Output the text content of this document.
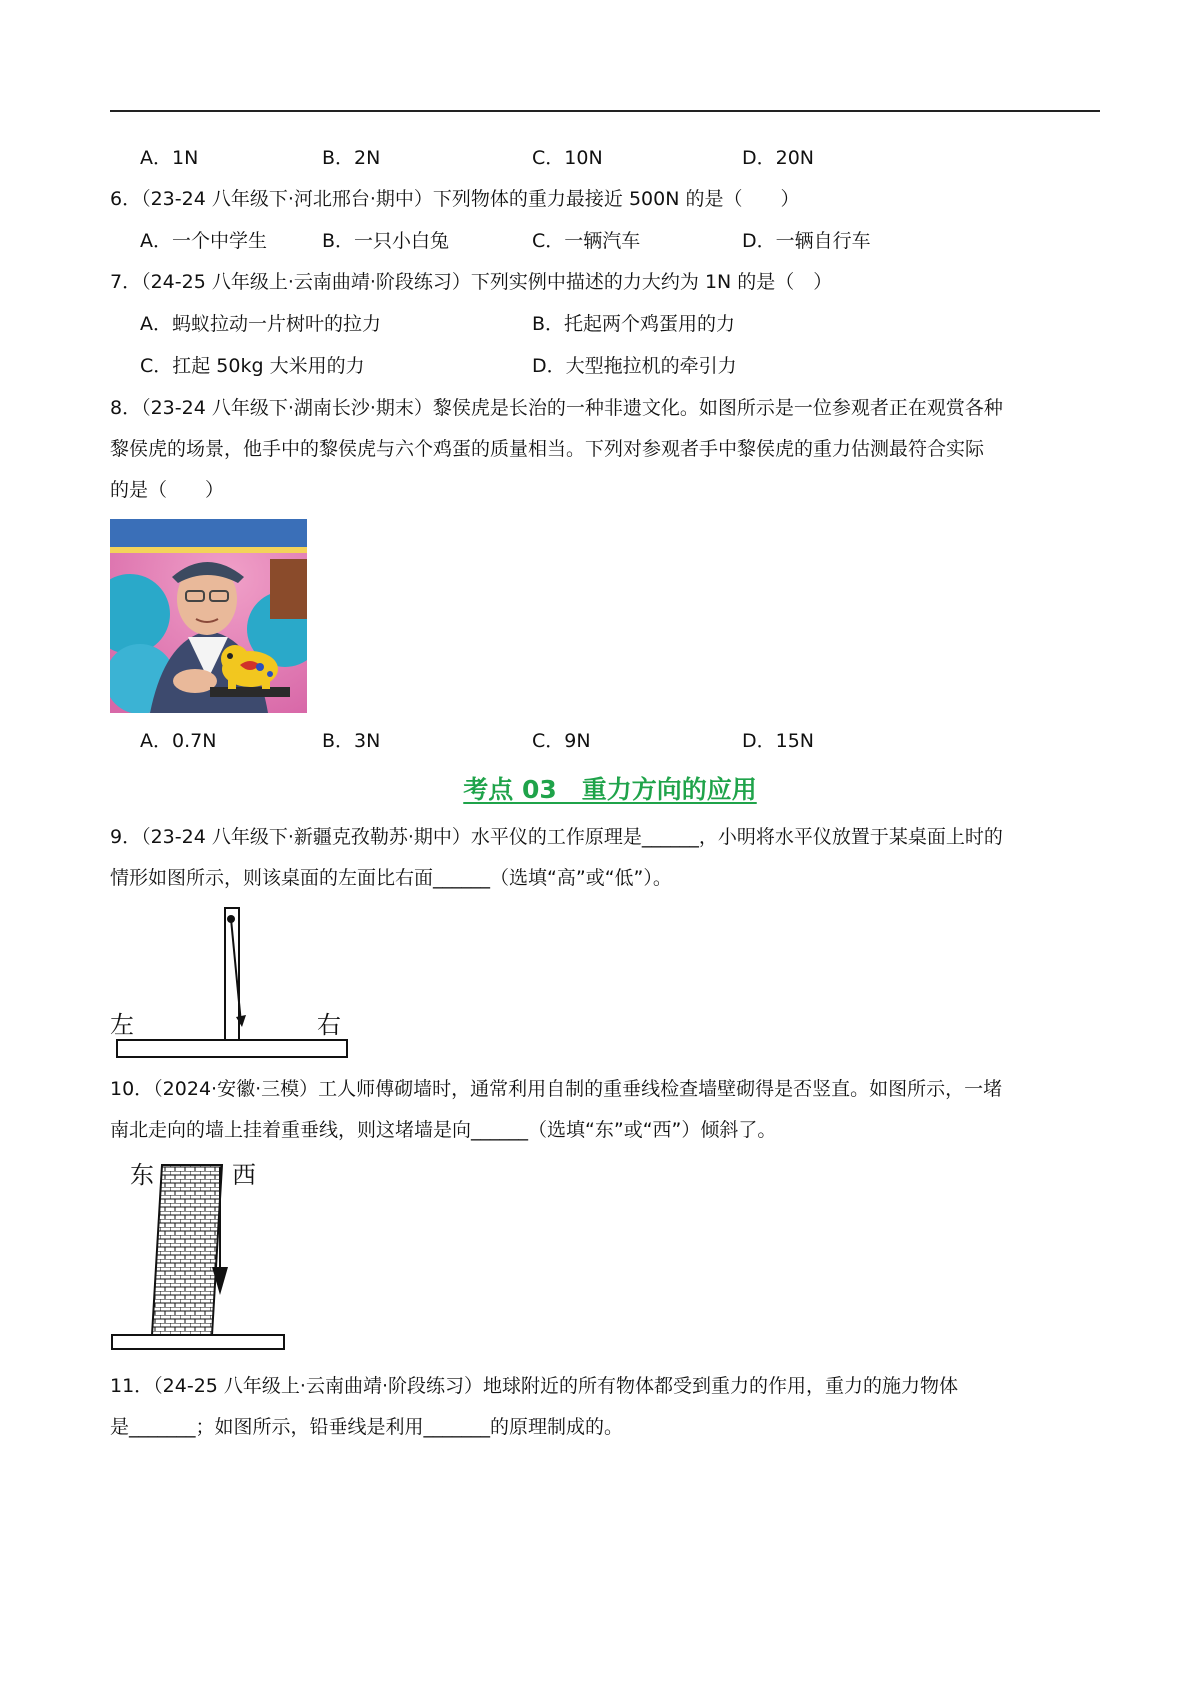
A．1N	B．2N	C．10N	D．20N
6．（23-24 八年级下·河北邢台·期中）下列物体的重力最接近 500N 的是（　　）
A．一个中学生	B．一只小白兔	C．一辆汽车	D．一辆自行车
7．（24-25 八年级上·云南曲靖·阶段练习）下列实例中描述的力大约为 1N 的是（　）
A．蚂蚁拉动一片树叶的拉力	B．托起两个鸡蛋用的力
C．扛起 50kg 大米用的力	D．大型拖拉机的牵引力
8．（23-24 八年级下·湖南长沙·期末）黎侯虎是长治的一种非遗文化。如图所示是一位参观者正在观赏各种
黎侯虎的场景，他手中的黎侯虎与六个鸡蛋的质量相当。下列对参观者手中黎侯虎的重力估测最符合实际
的是（　　）
A．0.7N	B．3N	C．9N	D．15N
考点 03　重力方向的应用
9．（23-24 八年级下·新疆克孜勒苏·期中）水平仪的工作原理是______，小明将水平仪放置于某桌面上时的
情形如图所示，则该桌面的左面比右面______（选填“高”或“低”）。
左	右
10．（2024·安徽·三模）工人师傅砌墙时，通常利用自制的重垂线检查墙壁砌得是否竖直。如图所示，一堵
南北走向的墙上挂着重垂线，则这堵墙是向______（选填“东”或“西”）倾斜了。
东	西
11．（24-25 八年级上·云南曲靖·阶段练习）地球附近的所有物体都受到重力的作用，重力的施力物体
是_______；如图所示，铅垂线是利用_______的原理制成的。
